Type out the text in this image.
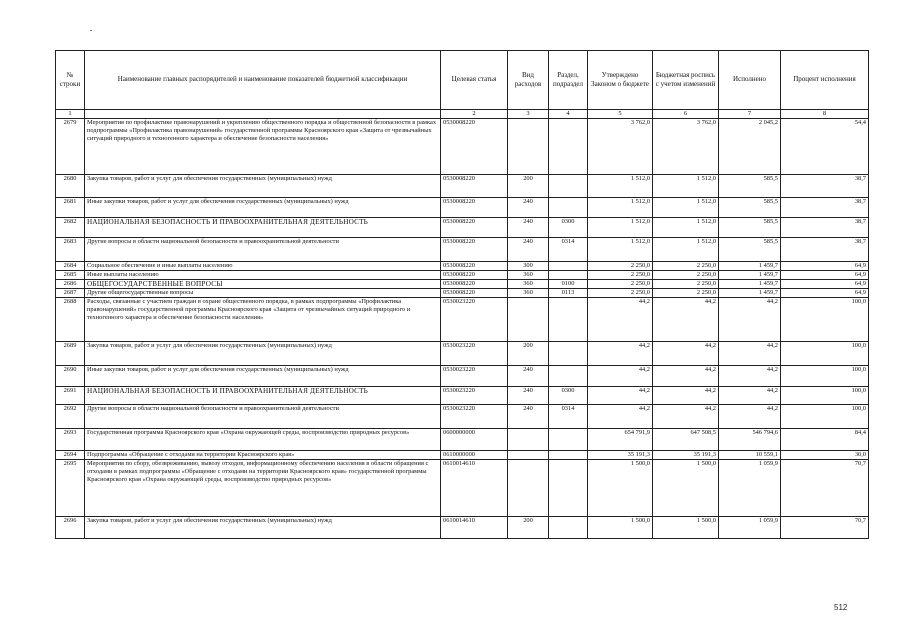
№ строки	Наименование главных распорядителей и наименование показателей бюджетной классификации	Целевая статья	Вид расходов	Раздел, подраздел	Утверждено Законом о бюджете	Бюджетная роспись с учетом изменений	Исполнено	Процент исполнения
1		2	3	4	5	6	7	8
2679	Мероприятия по профилактике правонарушений и укреплению общественного порядка и общественной безопасности в рамках подпрограммы «Профилактика правонарушений» государственной программы Красноярского края «Защита от чрезвычайных ситуаций природного и техногенного характера и обеспечение безопасности населения»	0530008220			3 762,0	3 762,0	2 045,2	54,4
2680	Закупка товаров, работ и услуг для обеспечения государственных (муниципальных) нужд	0530008220	200		1 512,0	1 512,0	585,5	38,7
2681	Иные закупки товаров, работ и услуг для обеспечения государственных (муниципальных) нужд	0530008220	240		1 512,0	1 512,0	585,5	38,7
2682	НАЦИОНАЛЬНАЯ БЕЗОПАСНОСТЬ И ПРАВООХРАНИТЕЛЬНАЯ ДЕЯТЕЛЬНОСТЬ	0530008220	240	0300	1 512,0	1 512,0	585,5	38,7
2683	Другие вопросы в области национальной безопасности и правоохранительной деятельности	0530008220	240	0314	1 512,0	1 512,0	585,5	38,7
2684	Социальное обеспечение и иные выплаты населению	0530008220	300		2 250,0	2 250,0	1 459,7	64,9
2685	Иные выплаты населению	0530008220	360		2 250,0	2 250,0	1 459,7	64,9
2686	ОБЩЕГОСУДАРСТВЕННЫЕ ВОПРОСЫ	0530008220	360	0100	2 250,0	2 250,0	1 459,7	64,9
2687	Другие общегосударственные вопросы	0530008220	360	0113	2 250,0	2 250,0	1 459,7	64,9
2688	Расходы, связанные с участием граждан в охране общественного порядка, в рамках подпрограммы «Профилактика правонарушений» государственной программы Красноярского края «Защита от чрезвычайных ситуаций природного и техногенного характера и обеспечение безопасности населения»	0530023220			44,2	44,2	44,2	100,0
2689	Закупка товаров, работ и услуг для обеспечения государственных (муниципальных) нужд	0530023220	200		44,2	44,2	44,2	100,0
2690	Иные закупки товаров, работ и услуг для обеспечения государственных (муниципальных) нужд	0530023220	240		44,2	44,2	44,2	100,0
2691	НАЦИОНАЛЬНАЯ БЕЗОПАСНОСТЬ И ПРАВООХРАНИТЕЛЬНАЯ ДЕЯТЕЛЬНОСТЬ	0530023220	240	0300	44,2	44,2	44,2	100,0
2692	Другие вопросы в области национальной безопасности и правоохранительной деятельности	0530023220	240	0314	44,2	44,2	44,2	100,0
2693	Государственная программа Красноярского края «Охрана окружающей среды, воспроизводство природных ресурсов»	0600000000			654 791,9	647 508,5	546 794,6	84,4
2694	Подпрограмма «Обращение с отходами на территории Красноярского края»	0610000000			35 191,3	35 191,3	10 559,1	30,0
2695	Мероприятия по сбору, обезвреживанию, вывозу отходов, информационному обеспечению населения в области обращения с отходами в рамках подпрограммы «Обращение с отходами на территории Красноярского края» государственной программы Красноярского края «Охрана окружающей среды, воспроизводство природных ресурсов»	0610014610			1 500,0	1 500,0	1 059,9	70,7
2696	Закупка товаров, работ и услуг для обеспечения государственных (муниципальных) нужд	0610014610	200		1 500,0	1 500,0	1 059,9	70,7
512
